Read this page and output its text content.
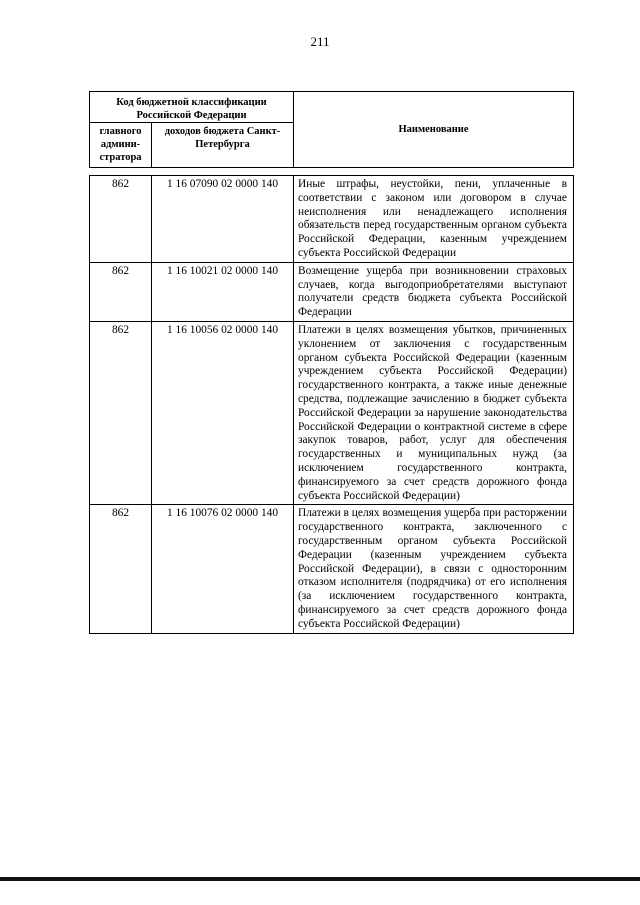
211
Код бюджетной классификации Российской Федерации		Наименование
главного админи-стратора	доходов бюджета Санкт-Петербурга	
862	1 16 07090 02 0000 140	Иные штрафы, неустойки, пени, уплаченные в соответствии с законом или договором в случае неисполнения или ненадлежащего исполнения обязательств перед государственным органом субъекта Российской Федерации, казенным учреждением субъекта Российской Федерации
862	1 16 10021 02 0000 140	Возмещение ущерба при возникновении страховых случаев, когда выгодоприобретателями выступают получатели средств бюджета субъекта Российской Федерации
862	1 16 10056 02 0000 140	Платежи в целях возмещения убытков, причиненных уклонением от заключения с государственным органом субъекта Российской Федерации (казенным учреждением субъекта Российской Федерации) государственного контракта, а также иные денежные средства, подлежащие зачислению в бюджет субъекта Российской Федерации за нарушение законодательства Российской Федерации о контрактной системе в сфере закупок товаров, работ, услуг для обеспечения государственных и муниципальных нужд (за исключением государственного контракта, финансируемого за счет средств дорожного фонда субъекта Российской Федерации)
862	1 16 10076 02 0000 140	Платежи в целях возмещения ущерба при расторжении государственного контракта, заключенного с государственным органом субъекта Российской Федерации (казенным учреждением субъекта Российской Федерации), в связи с односторонним отказом исполнителя (подрядчика) от его исполнения (за исключением государственного контракта, финансируемого за счет средств дорожного фонда субъекта Российской Федерации)
